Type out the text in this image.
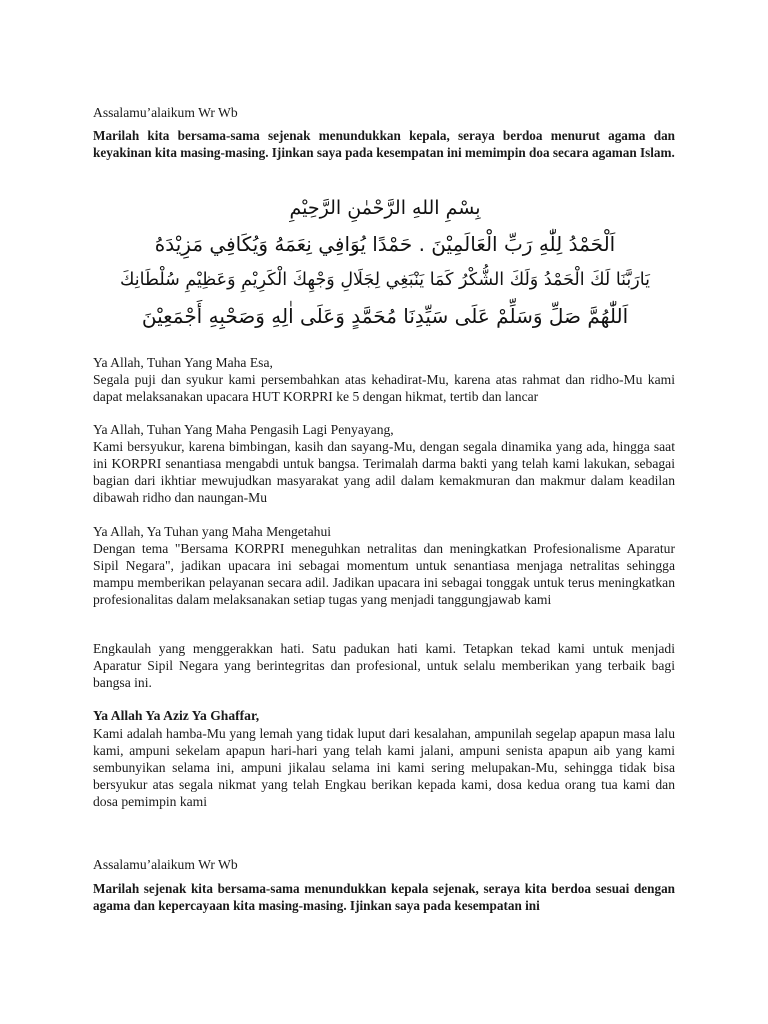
Assalamu’alaikum Wr Wb
Marilah kita bersama-sama sejenak menundukkan kepala, seraya berdoa menurut agama dan keyakinan kita masing-masing. Ijinkan saya pada kesempatan ini memimpin doa secara agaman Islam.
بِسْمِ اللهِ الرَّحْمٰنِ الرَّحِيْمِ
اَلْحَمْدُ لِلّٰهِ رَبِّ الْعَالَمِيْنَ . حَمْدًا يُوَافِي نِعَمَهُ وَيُكَافِي مَزِيْدَهُ
يَارَبَّنَا لَكَ الْحَمْدُ وَلَكَ الشُّكْرُ كَمَا يَنْبَغِي لِجَلَالِ وَجْهِكَ الْكَرِيْمِ وَعَظِيْمِ سُلْطَانِكَ
اَللّٰهُمَّ صَلِّ وَسَلِّمْ عَلَى سَيِّدِنَا مُحَمَّدٍ وَعَلَى اٰلِهِ وَصَحْبِهِ أَجْمَعِيْنَ
Ya Allah, Tuhan Yang Maha Esa,
Segala puji dan syukur kami persembahkan atas kehadirat-Mu, karena atas rahmat dan ridho-Mu kami dapat melaksanakan upacara HUT KORPRI ke 5 dengan hikmat, tertib dan lancar
Ya Allah, Tuhan Yang Maha Pengasih Lagi Penyayang,
Kami bersyukur, karena bimbingan, kasih dan sayang-Mu, dengan segala dinamika yang ada, hingga saat ini KORPRI senantiasa mengabdi untuk bangsa. Terimalah darma bakti yang telah kami lakukan, sebagai bagian dari ikhtiar mewujudkan masyarakat yang adil dalam kemakmuran dan makmur dalam keadilan dibawah ridho dan naungan-Mu
Ya Allah, Ya Tuhan yang Maha Mengetahui
Dengan tema "Bersama KORPRI meneguhkan netralitas dan meningkatkan Profesionalisme Aparatur Sipil Negara", jadikan upacara ini sebagai momentum untuk senantiasa menjaga netralitas sehingga mampu memberikan pelayanan secara adil. Jadikan upacara ini sebagai tonggak untuk terus meningkatkan profesionalitas dalam melaksanakan setiap tugas yang menjadi tanggungjawab kami
Engkaulah yang menggerakkan hati. Satu padukan hati kami. Tetapkan tekad kami untuk menjadi Aparatur Sipil Negara yang berintegritas dan profesional, untuk selalu memberikan yang terbaik bagi bangsa ini.
Ya Allah Ya Aziz Ya Ghaffar,
Kami adalah hamba-Mu yang lemah yang tidak luput dari kesalahan, ampunilah segelap apapun masa lalu kami, ampuni sekelam apapun hari-hari yang telah kami jalani, ampuni senista apapun aib yang kami sembunyikan selama ini, ampuni jikalau selama ini kami sering melupakan-Mu, sehingga tidak bisa bersyukur atas segala nikmat yang telah Engkau berikan kepada kami, dosa kedua orang tua kami dan dosa pemimpin kami
Assalamu’alaikum Wr Wb
Marilah sejenak kita bersama-sama menundukkan kepala sejenak, seraya kita berdoa sesuai dengan agama dan kepercayaan kita masing-masing. Ijinkan saya pada kesempatan ini
